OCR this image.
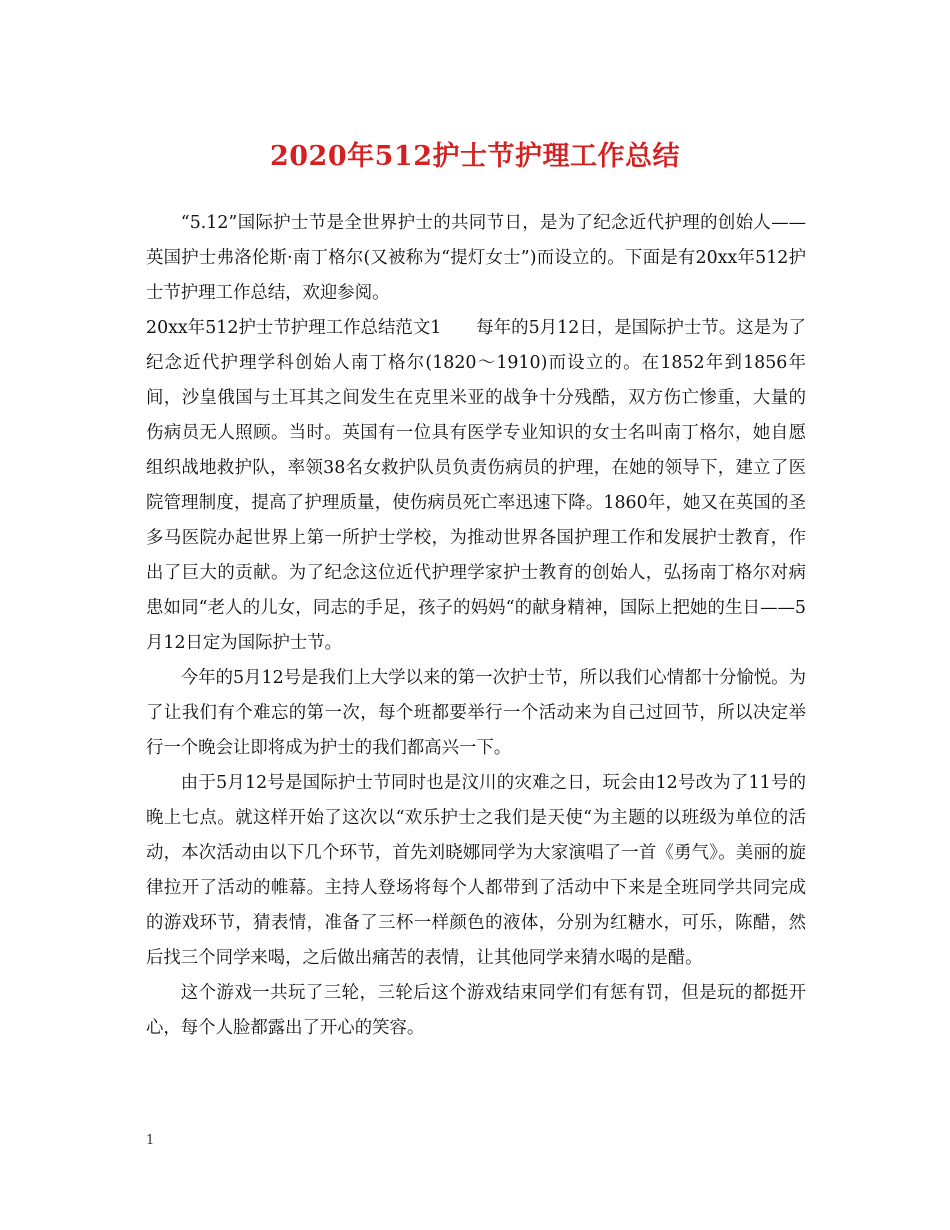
2020年512护士节护理工作总结

“5.12”国际护士节是全世界护士的共同节日，是为了纪念近代护理的创始人——英国护士弗洛伦斯·南丁格尔(又被称为“提灯女士”)而设立的。下面是有20xx年512护士节护理工作总结，欢迎参阅。

20xx年512护士节护理工作总结范文1　　每年的5月12日，是国际护士节。这是为了纪念近代护理学科创始人南丁格尔(1820～1910)而设立的。在1852年到1856年间，沙皇俄国与土耳其之间发生在克里米亚的战争十分残酷，双方伤亡惨重，大量的伤病员无人照顾。当时。英国有一位具有医学专业知识的女士名叫南丁格尔，她自愿组织战地救护队，率领38名女救护队员负责伤病员的护理，在她的领导下，建立了医院管理制度，提高了护理质量，使伤病员死亡率迅速下降。1860年，她又在英国的圣多马医院办起世界上第一所护士学校，为推动世界各国护理工作和发展护士教育，作出了巨大的贡献。为了纪念这位近代护理学家护士教育的创始人，弘扬南丁格尔对病患如同“老人的儿女，同志的手足，孩子的妈妈“的献身精神，国际上把她的生日——5月12日定为国际护士节。

今年的5月12号是我们上大学以来的第一次护士节，所以我们心情都十分愉悦。为了让我们有个难忘的第一次，每个班都要举行一个活动来为自己过回节，所以决定举行一个晚会让即将成为护士的我们都高兴一下。

由于5月12号是国际护士节同时也是汶川的灾难之日，玩会由12号改为了11号的晚上七点。就这样开始了这次以“欢乐护士之我们是天使“为主题的以班级为单位的活动，本次活动由以下几个环节，首先刘晓娜同学为大家演唱了一首《勇气》。美丽的旋律拉开了活动的帷幕。主持人登场将每个人都带到了活动中下来是全班同学共同完成的游戏环节，猜表情，准备了三杯一样颜色的液体，分别为红糖水，可乐，陈醋，然后找三个同学来喝，之后做出痛苦的表情，让其他同学来猜水喝的是醋。

这个游戏一共玩了三轮，三轮后这个游戏结束同学们有惩有罚，但是玩的都挺开心，每个人脸都露出了开心的笑容。

1
